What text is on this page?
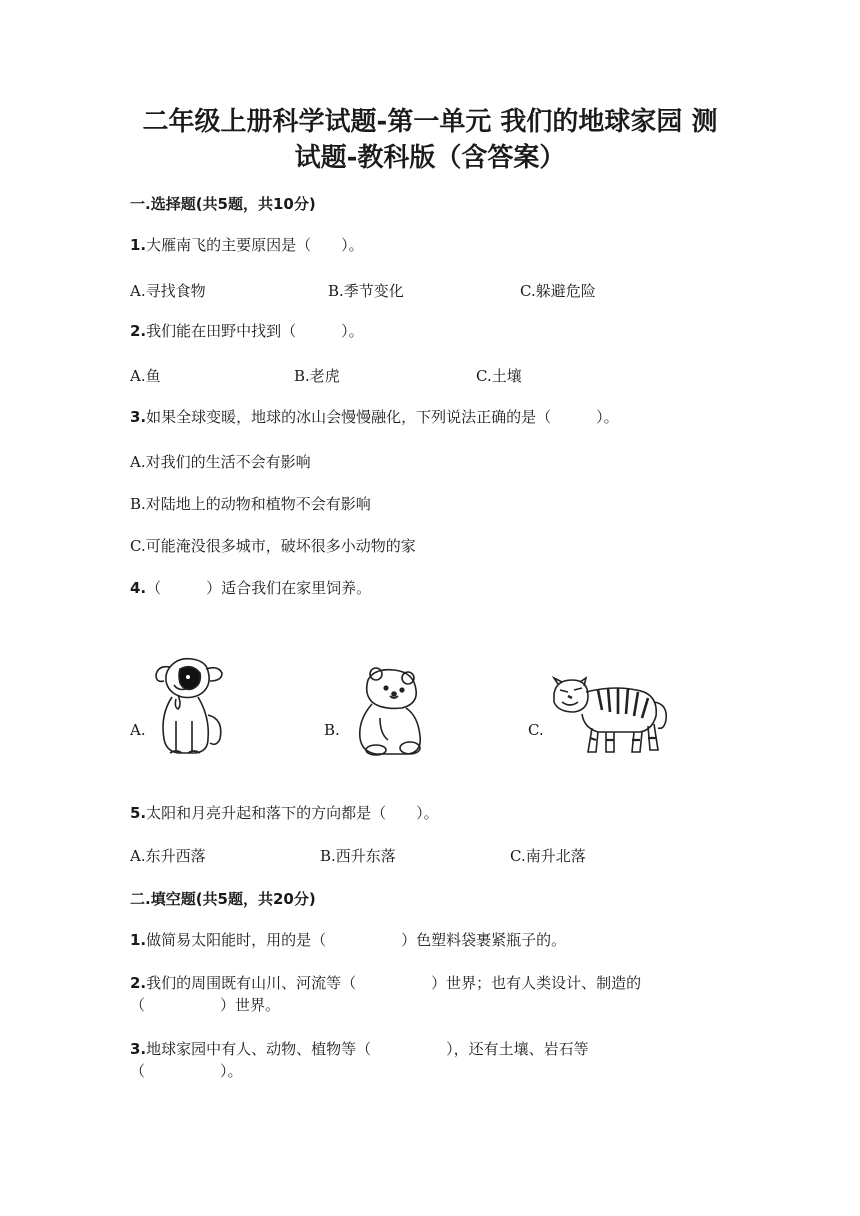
二年级上册科学试题-第一单元 我们的地球家园 测
试题-教科版（含答案）
一.选择题(共5题，共10分)
1.大雁南飞的主要原因是（　　）。
A.寻找食物	B.季节变化	C.躲避危险
2.我们能在田野中找到（　　　）。
A.鱼	B.老虎	C.土壤
3.如果全球变暖，地球的冰山会慢慢融化，下列说法正确的是（　　　）。
A.对我们的生活不会有影响
B.对陆地上的动物和植物不会有影响
C.可能淹没很多城市，破坏很多小动物的家
4.（　　　）适合我们在家里饲养。
A.	B.	C.
5.太阳和月亮升起和落下的方向都是（　　）。
A.东升西落	B.西升东落	C.南升北落
二.填空题(共5题，共20分)
1.做简易太阳能时，用的是（　　　　　）色塑料袋裹紧瓶子的。
2.我们的周围既有山川、河流等（　　　　　）世界；也有人类设计、制造的
（　　　　　）世界。
3.地球家园中有人、动物、植物等（　　　　　），还有土壤、岩石等
（　　　　　）。
